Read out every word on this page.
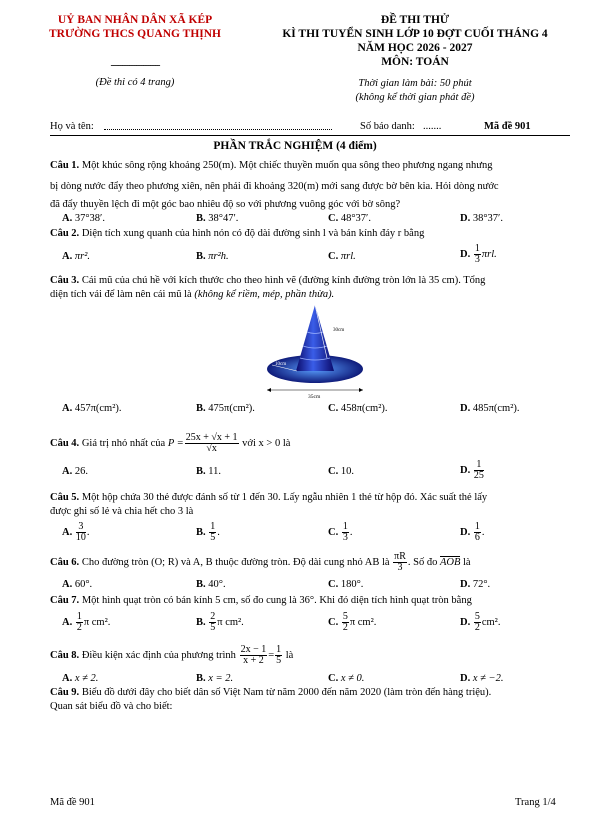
UỶ BAN NHÂN DÂN XÃ KÉP
TRƯỜNG THCS QUANG THỊNH
---------------------
(Đề thi có 4 trang)
ĐỀ THI THỬ
KÌ THI TUYỂN SINH LỚP 10 ĐỢT CUỐI THÁNG 4
NĂM HỌC 2026 - 2027
MÔN: TOÁN
Thời gian làm bài: 50 phút
(không kể thời gian phát đề)
Họ và tên:	Số báo danh: .......	Mã đề 901
PHẦN TRẮC NGHIỆM (4 điểm)
Câu 1. Một khúc sông rộng khoảng 250(m). Một chiếc thuyền muốn qua sông theo phương ngang nhưng
bị dòng nước đẩy theo phương xiên, nên phải đi khoảng 320(m) mới sang được bờ bên kia. Hỏi dòng nước
đã đẩy thuyền lệch đi một góc bao nhiêu độ so với phương vuông góc với bờ sông?
A. 37°38′.	B. 38°47′.	C. 48°37′.	D. 38°37′.
Câu 2. Diện tích xung quanh của hình nón có độ dài đường sinh l và bán kính đáy r bằng
A. πr².	B. πr²h.	C. πrl.	D. $\frac{1}{3} \pi rl$.
Câu 3. Cái mũ của chú hề với kích thước cho theo hình vẽ (đường kính đường tròn lớn là 35 cm). Tổng
diện tích vải để làm nên cái mũ là (không kể riềm, mép, phần thừa).
30cm
10cm
35cm
A. 457π(cm²).	B. 475π(cm²).	C. 458π(cm²).	D. 485π(cm²).
Câu 4. Giá trị nhỏ nhất của $P = \frac{25x + √x + 1}{√x}$ với x > 0 là
A. 26.	B. 11.	C. 10.	D. $\frac{1}{25}$
Câu 5. Một hộp chứa 30 thẻ được đánh số từ 1 đến 30. Lấy ngẫu nhiên 1 thẻ từ hộp đó. Xác suất thẻ lấy
được ghi số lẻ và chia hết cho 3 là
A. $\frac{3}{10}$ .	B. $\frac{1}{5}$ .	C. $\frac{1}{3}$ .	D. $\frac{1}{6}$ .
Câu 6. Cho đường tròn (O; R) và A, B thuộc đường tròn. Độ dài cung nhỏ AB là $\frac{\pi R}{3}$ . Số đo AOB là
A. 60°.	B. 40°.	C. 180°.	D. 72°.
Câu 7. Một hình quạt tròn có bán kính 5 cm, số đo cung là 36°. Khi đó diện tích hình quạt tròn bằng
A. $\frac{1}{2}$ π cm².	B. $\frac{2}{5}$ π cm².	C. $\frac{5}{2}$ π cm².	D. $\frac{5}{2} cm^2$.
Câu 8. Điều kiện xác định của phương trình $\frac{2x - 1}{x + 2} = \frac{1}{5}$ là
A. x ≠ 2.	B. x = 2.	C. x ≠ 0.	D. x ≠ −2.
Câu 9. Biểu đồ dưới đây cho biết dân số Việt Nam từ năm 2000 đến năm 2020 (làm tròn đến hàng triệu).
Quan sát biểu đồ và cho biết:
Mã đề 901	Trang 1/4
